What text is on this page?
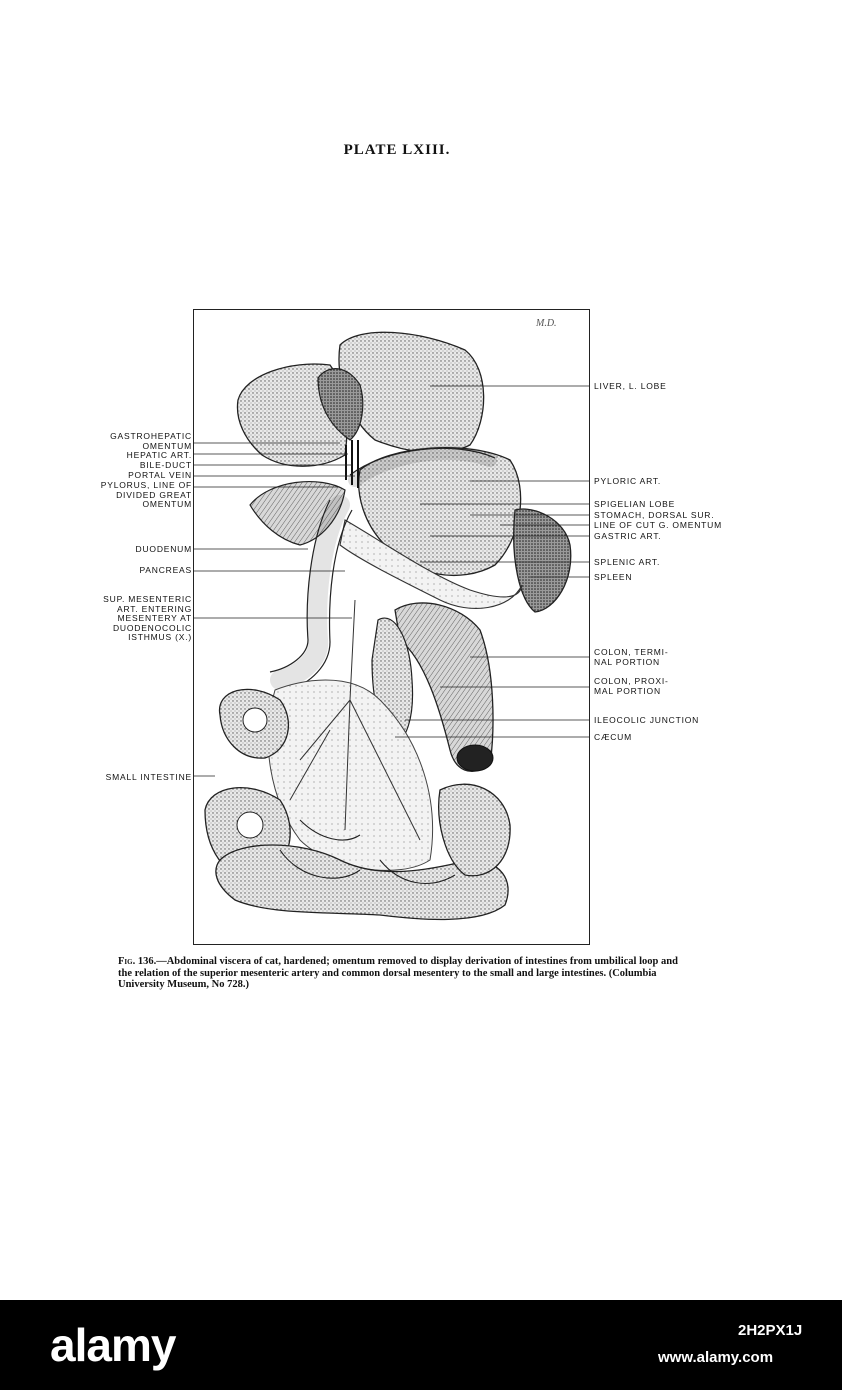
PLATE LXIII.
M.D.
GASTROHEPATIC
OMENTUM
HEPATIC ART.
BILE-DUCT
PORTAL VEIN
PYLORUS, LINE OF
DIVIDED GREAT
OMENTUM
DUODENUM
PANCREAS
SUP. MESENTERIC
ART. ENTERING
MESENTERY AT
DUODENOCOLIC
ISTHMUS (X.)
SMALL INTESTINE
LIVER, L. LOBE
PYLORIC ART.
SPIGELIAN LOBE
STOMACH, DORSAL SUR.
LINE OF CUT G. OMENTUM
GASTRIC ART.
SPLENIC ART.
SPLEEN
COLON, TERMI-
NAL PORTION
COLON, PROXI-
MAL PORTION
ILEOCOLIC JUNCTION
CÆCUM
Fig. 136.—Abdominal viscera of cat, hardened; omentum removed to display derivation of intestines from umbilical loop and the relation of the superior mesenteric artery and common dorsal mesentery to the small and large intestines. (Columbia University Museum, No 728.)
alamy	2H2PX1J
www.alamy.com
